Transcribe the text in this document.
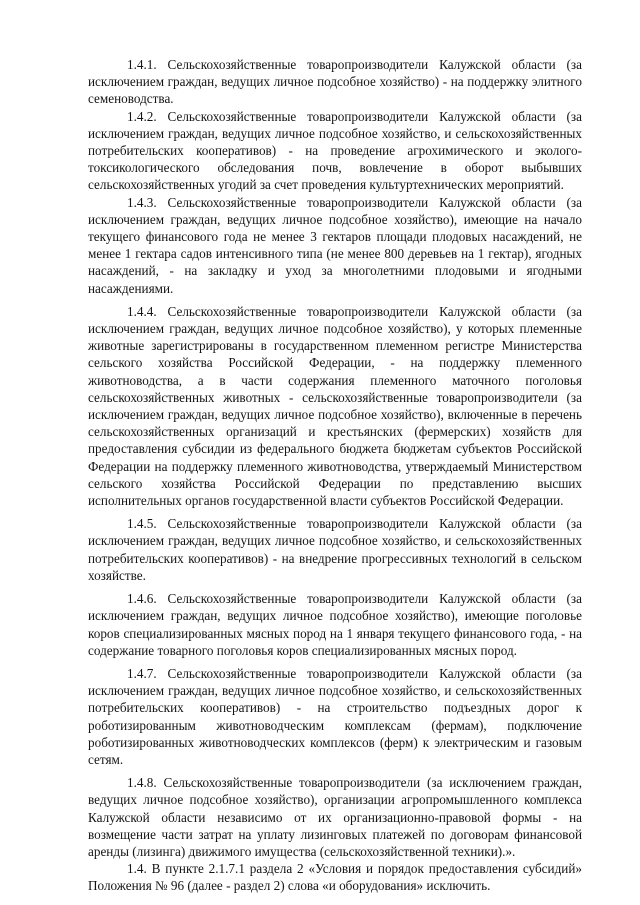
1.4.1. Сельскохозяйственные товаропроизводители Калужской области (за исключением граждан, ведущих личное подсобное хозяйство) - на поддержку элитного семеноводства.

1.4.2. Сельскохозяйственные товаропроизводители Калужской области (за исключением граждан, ведущих личное подсобное хозяйство, и сельскохозяйственных потребительских кооперативов) - на проведение агрохимического и эколого-токсикологического обследования почв, вовлечение в оборот выбывших сельскохозяйственных угодий за счет проведения культуртехнических мероприятий.

1.4.3. Сельскохозяйственные товаропроизводители Калужской области (за исключением граждан, ведущих личное подсобное хозяйство), имеющие на начало текущего финансового года не менее 3 гектаров площади плодовых насаждений, не менее 1 гектара садов интенсивного типа (не менее 800 деревьев на 1 гектар), ягодных насаждений, - на закладку и уход за многолетними плодовыми и ягодными насаждениями.

1.4.4. Сельскохозяйственные товаропроизводители Калужской области (за исключением граждан, ведущих личное подсобное хозяйство), у которых племенные животные зарегистрированы в государственном племенном регистре Министерства сельского хозяйства Российской Федерации, - на поддержку племенного животноводства, а в части содержания племенного маточного поголовья сельскохозяйственных животных - сельскохозяйственные товаропроизводители (за исключением граждан, ведущих личное подсобное хозяйство), включенные в перечень сельскохозяйственных организаций и крестьянских (фермерских) хозяйств для предоставления субсидии из федерального бюджета бюджетам субъектов Российской Федерации на поддержку племенного животноводства, утверждаемый Министерством сельского хозяйства Российской Федерации по представлению высших исполнительных органов государственной власти субъектов Российской Федерации.

1.4.5. Сельскохозяйственные товаропроизводители Калужской области (за исключением граждан, ведущих личное подсобное хозяйство, и сельскохозяйственных потребительских кооперативов) - на внедрение прогрессивных технологий в сельском хозяйстве.

1.4.6. Сельскохозяйственные товаропроизводители Калужской области (за исключением граждан, ведущих личное подсобное хозяйство), имеющие поголовье коров специализированных мясных пород на 1 января текущего финансового года, - на содержание товарного поголовья коров специализированных мясных пород.

1.4.7. Сельскохозяйственные товаропроизводители Калужской области (за исключением граждан, ведущих личное подсобное хозяйство, и сельскохозяйственных потребительских кооперативов) - на строительство подъездных дорог к роботизированным животноводческим комплексам (фермам), подключение роботизированных животноводческих комплексов (ферм) к электрическим и газовым сетям.

1.4.8. Сельскохозяйственные товаропроизводители (за исключением граждан, ведущих личное подсобное хозяйство), организации агропромышленного комплекса Калужской области независимо от их организационно-правовой формы - на возмещение части затрат на уплату лизинговых платежей по договорам финансовой аренды (лизинга) движимого имущества (сельскохозяйственной техники).».

1.4. В пункте 2.1.7.1 раздела 2 «Условия и порядок предоставления субсидий» Положения № 96 (далее - раздел 2) слова «и оборудования» исключить.
